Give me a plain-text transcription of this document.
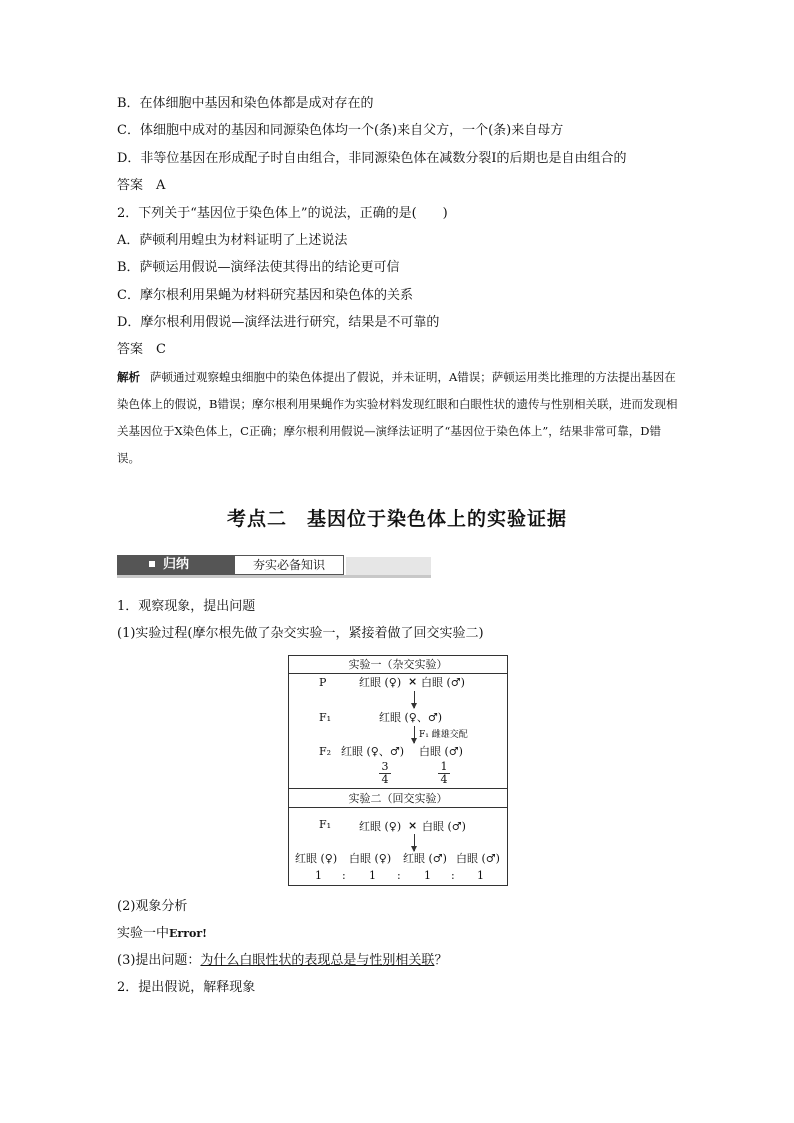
B．在体细胞中基因和染色体都是成对存在的
C．体细胞中成对的基因和同源染色体均一个(条)来自父方，一个(条)来自母方
D．非等位基因在形成配子时自由组合，非同源染色体在减数分裂Ⅰ的后期也是自由组合的
答案　A
2．下列关于“基因位于染色体上”的说法，正确的是(　　)
A．萨顿利用蝗虫为材料证明了上述说法
B．萨顿运用假说—演绎法使其得出的结论更可信
C．摩尔根利用果蝇为材料研究基因和染色体的关系
D．摩尔根利用假说—演绎法进行研究，结果是不可靠的
答案　C
解析 萨顿通过观察蝗虫细胞中的染色体提出了假说，并未证明，A错误；萨顿运用类比推理的方法提出基因在染色体上的假说，B错误；摩尔根利用果蝇作为实验材料发现红眼和白眼性状的遗传与性别相关联，进而发现相关基因位于X染色体上，C正确；摩尔根利用假说—演绎法证明了“基因位于染色体上”，结果非常可靠，D错误。
考点二　基因位于染色体上的实验证据
归纳	夯实必备知识
1．观察现象，提出问题
(1)实验过程(摩尔根先做了杂交实验一，紧接着做了回交实验二)
实验一（杂交实验）
P	红眼 (♀) × 白眼 (♂)
F₁	红眼 (♀、♂)
F₁ 雌雄交配
F₂ 红眼 (♀、♂) 白眼 (♂)
$\frac{3}{4}$	$\frac{1}{4}$
实验二（回交实验）
F₁	红眼 (♀) × 白眼 (♂)
红眼 (♀) 白眼 (♀) 红眼 (♂) 白眼 (♂)
1 : 1 : 1 : 1
(2)观象分析
实验一中Error!
(3)提出问题：为什么白眼性状的表现总是与性别相关联？
2．提出假说，解释现象
